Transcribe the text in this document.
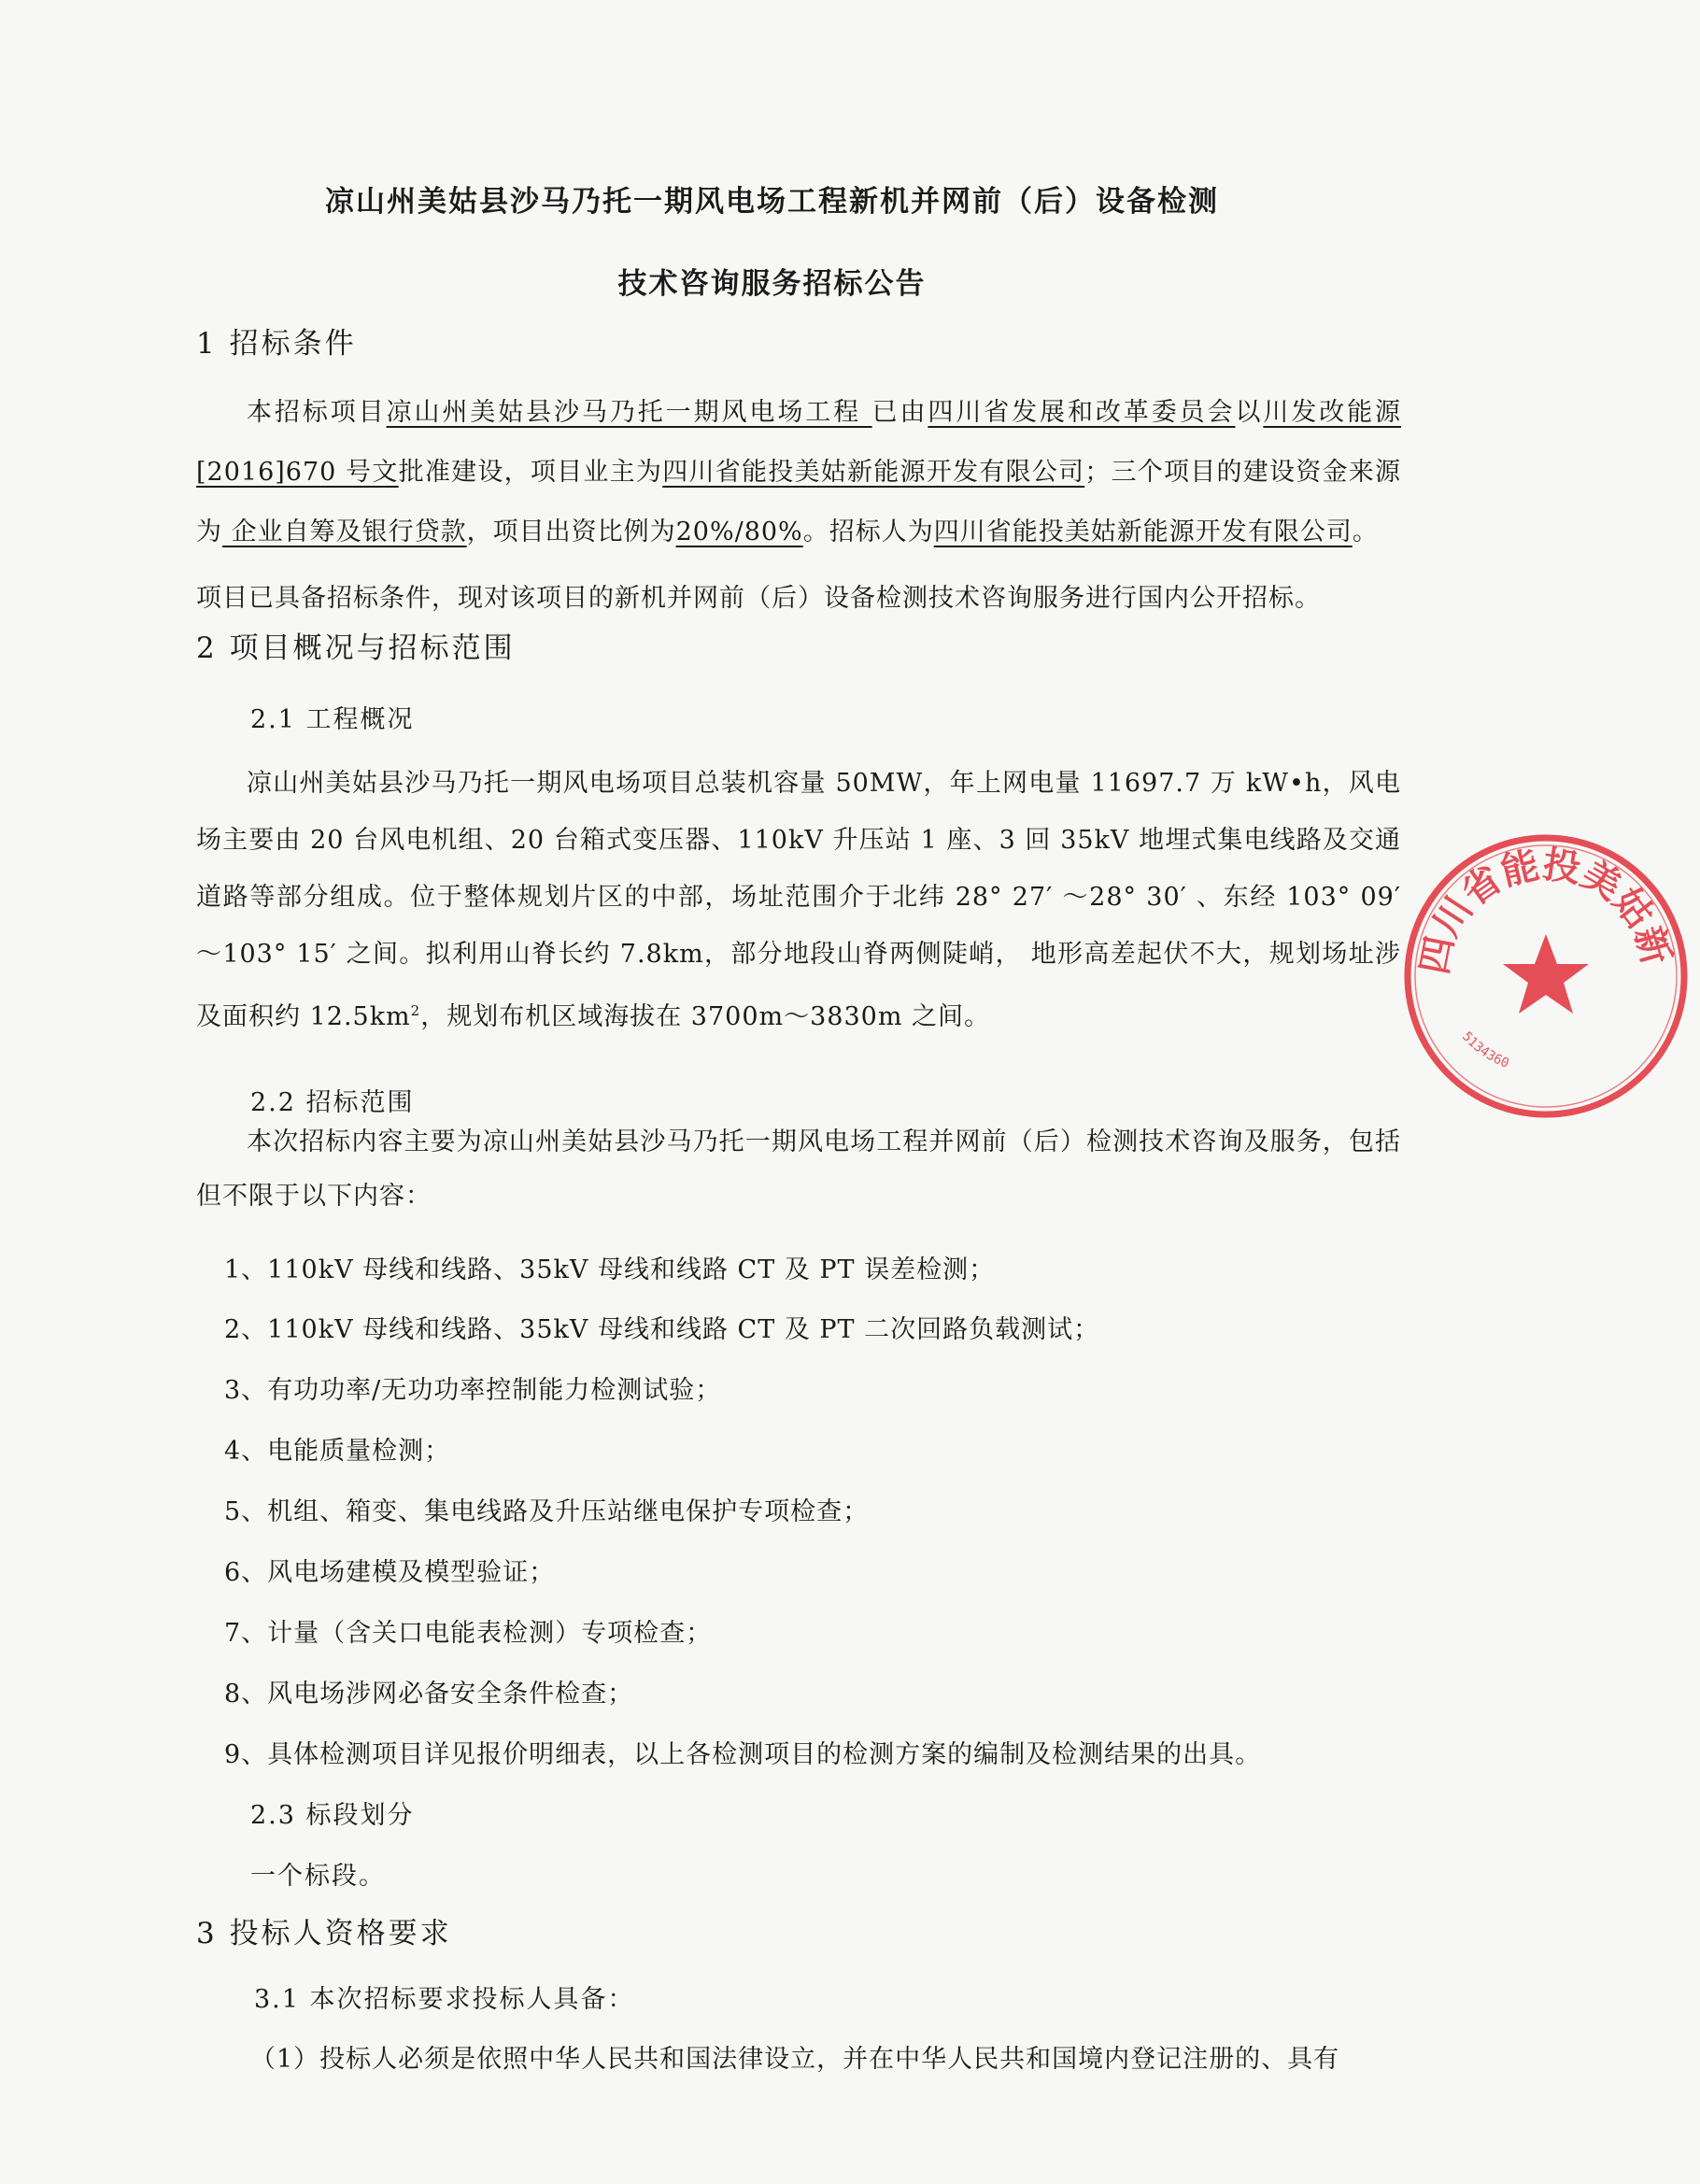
凉山州美姑县沙马乃托一期风电场工程新机并网前（后）设备检测
技术咨询服务招标公告
1 招标条件
本招标项目凉山州美姑县沙马乃托一期风电场工程 已由四川省发展和改革委员会以川发改能源[2016]670 号文批准建设，项目业主为四川省能投美姑新能源开发有限公司；三个项目的建设资金来源为 企业自筹及银行贷款，项目出资比例为20%/80%。招标人为四川省能投美姑新能源开发有限公司。
项目已具备招标条件，现对该项目的新机并网前（后）设备检测技术咨询服务进行国内公开招标。
2 项目概况与招标范围
2.1 工程概况
凉山州美姑县沙马乃托一期风电场项目总装机容量 50MW，年上网电量 11697.7 万 kW•h，风电场主要由 20 台风电机组、20 台箱式变压器、110kV 升压站 1 座、3 回 35kV 地埋式集电线路及交通道路等部分组成。位于整体规划片区的中部，场址范围介于北纬 28° 27′ ～28° 30′ 、东经 103° 09′ ～103° 15′ 之间。拟利用山脊长约 7.8km，部分地段山脊两侧陡峭， 地形高差起伏不大，规划场址涉及面积约 $12.5km^2$，规划布机区域海拔在 3700m～3830m 之间。
2.2 招标范围
本次招标内容主要为凉山州美姑县沙马乃托一期风电场工程并网前（后）检测技术咨询及服务，包括但不限于以下内容：
1、110kV 母线和线路、35kV 母线和线路 CT 及 PT 误差检测；
2、110kV 母线和线路、35kV 母线和线路 CT 及 PT 二次回路负载测试；
3、有功功率/无功功率控制能力检测试验；
4、电能质量检测；
5、机组、箱变、集电线路及升压站继电保护专项检查；
6、风电场建模及模型验证；
7、计量（含关口电能表检测）专项检查；
8、风电场涉网必备安全条件检查；
9、具体检测项目详见报价明细表，以上各检测项目的检测方案的编制及检测结果的出具。
2.3 标段划分
一个标段。
3 投标人资格要求
3.1 本次招标要求投标人具备：
（1）投标人必须是依照中华人民共和国法律设立，并在中华人民共和国境内登记注册的、具有
四川省能投美姑新
5134360
